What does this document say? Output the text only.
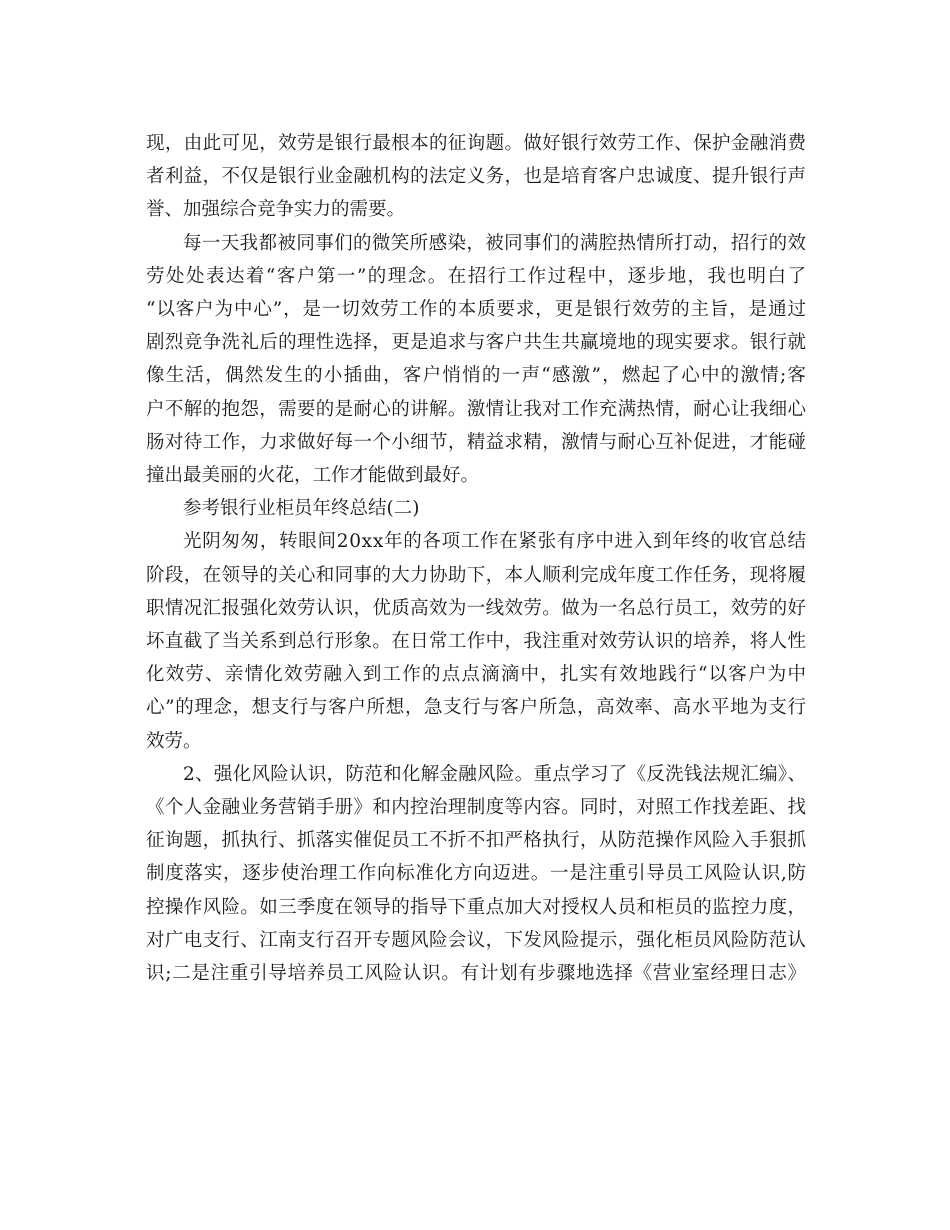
现，由此可见，效劳是银行最根本的征询题。做好银行效劳工作、保护金融消费
者利益，不仅是银行业金融机构的法定义务，也是培育客户忠诚度、提升银行声
誉、加强综合竞争实力的需要。

每一天我都被同事们的微笑所感染，被同事们的满腔热情所打动，招行的效
劳处处表达着“客户第一”的理念。在招行工作过程中，逐步地，我也明白了
“以客户为中心”，是一切效劳工作的本质要求，更是银行效劳的主旨，是通过
剧烈竞争洗礼后的理性选择，更是追求与客户共生共赢境地的现实要求。银行就
像生活，偶然发生的小插曲，客户悄悄的一声“感激”，燃起了心中的激情;客
户不解的抱怨，需要的是耐心的讲解。激情让我对工作充满热情，耐心让我细心
肠对待工作，力求做好每一个小细节，精益求精，激情与耐心互补促进，才能碰
撞出最美丽的火花，工作才能做到最好。

参考银行业柜员年终总结(二)

光阴匆匆，转眼间20xx年的各项工作在紧张有序中进入到年终的收官总结
阶段，在领导的关心和同事的大力协助下，本人顺利完成年度工作任务，现将履
职情况汇报强化效劳认识，优质高效为一线效劳。做为一名总行员工，效劳的好
坏直截了当关系到总行形象。在日常工作中，我注重对效劳认识的培养，将人性
化效劳、亲情化效劳融入到工作的点点滴滴中，扎实有效地践行“以客户为中
心”的理念，想支行与客户所想，急支行与客户所急，高效率、高水平地为支行
效劳。

2、强化风险认识，防范和化解金融风险。重点学习了《反洗钱法规汇编》、
《个人金融业务营销手册》和内控治理制度等内容。同时，对照工作找差距、找
征询题，抓执行、抓落实催促员工不折不扣严格执行，从防范操作风险入手狠抓
制度落实，逐步使治理工作向标准化方向迈进。一是注重引导员工风险认识,防
控操作风险。如三季度在领导的指导下重点加大对授权人员和柜员的监控力度，
对广电支行、江南支行召开专题风险会议，下发风险提示，强化柜员风险防范认
识;二是注重引导培养员工风险认识。有计划有步骤地选择《营业室经理日志》
